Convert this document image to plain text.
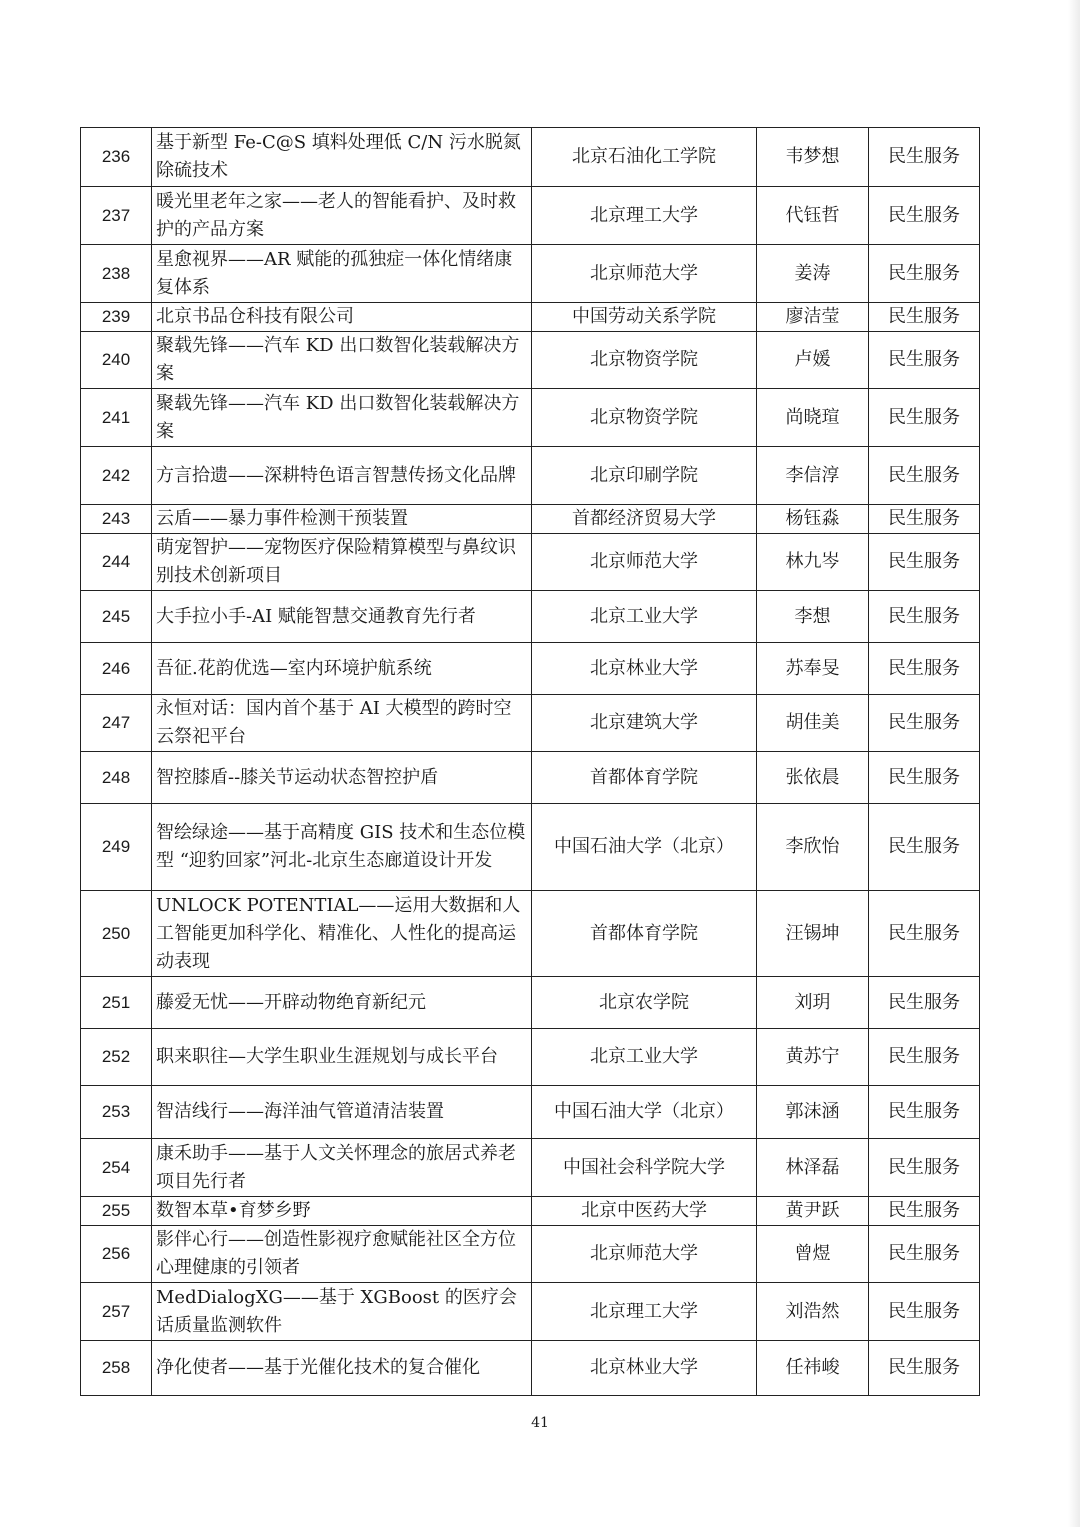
236	基于新型 Fe-C@S 填料处理低 C/N 污水脱氮除硫技术	北京石油化工学院	韦梦想	民生服务
237	暖光里老年之家——老人的智能看护、及时救护的产品方案	北京理工大学	代钰哲	民生服务
238	星愈视界——AR 赋能的孤独症一体化情绪康复体系	北京师范大学	姜涛	民生服务
239	北京书品仓科技有限公司	中国劳动关系学院	廖洁莹	民生服务
240	聚载先锋——汽车 KD 出口数智化装载解决方案	北京物资学院	卢媛	民生服务
241	聚载先锋——汽车 KD 出口数智化装载解决方案	北京物资学院	尚晓瑄	民生服务
242	方言拾遗——深耕特色语言智慧传扬文化品牌	北京印刷学院	李信淳	民生服务
243	云盾——暴力事件检测干预装置	首都经济贸易大学	杨钰淼	民生服务
244	萌宠智护——宠物医疗保险精算模型与鼻纹识别技术创新项目	北京师范大学	林九岑	民生服务
245	大手拉小手-AI 赋能智慧交通教育先行者	北京工业大学	李想	民生服务
246	吾征.花韵优选—室内环境护航系统	北京林业大学	苏奉旻	民生服务
247	永恒对话：国内首个基于 AI 大模型的跨时空云祭祀平台	北京建筑大学	胡佳美	民生服务
248	智控膝盾--膝关节运动状态智控护盾	首都体育学院	张依晨	民生服务
249	智绘绿途——基于高精度 GIS 技术和生态位模型 “迎豹回家”河北-北京生态廊道设计开发	中国石油大学（北京）	李欣怡	民生服务
250	UNLOCK POTENTIAL——运用大数据和人工智能更加科学化、精准化、人性化的提高运动表现	首都体育学院	汪锡坤	民生服务
251	藤爱无忧——开辟动物绝育新纪元	北京农学院	刘玥	民生服务
252	职来职往—大学生职业生涯规划与成长平台	北京工业大学	黄苏宁	民生服务
253	智洁线行——海洋油气管道清洁装置	中国石油大学（北京）	郭沫涵	民生服务
254	康禾助手——基于人文关怀理念的旅居式养老项目先行者	中国社会科学院大学	林泽磊	民生服务
255	数智本草•育梦乡野	北京中医药大学	黄尹跃	民生服务
256	影伴心行——创造性影视疗愈赋能社区全方位心理健康的引领者	北京师范大学	曾煜	民生服务
257	MedDialogXG——基于 XGBoost 的医疗会话质量监测软件	北京理工大学	刘浩然	民生服务
258	净化使者——基于光催化技术的复合催化	北京林业大学	任祎峻	民生服务
41
